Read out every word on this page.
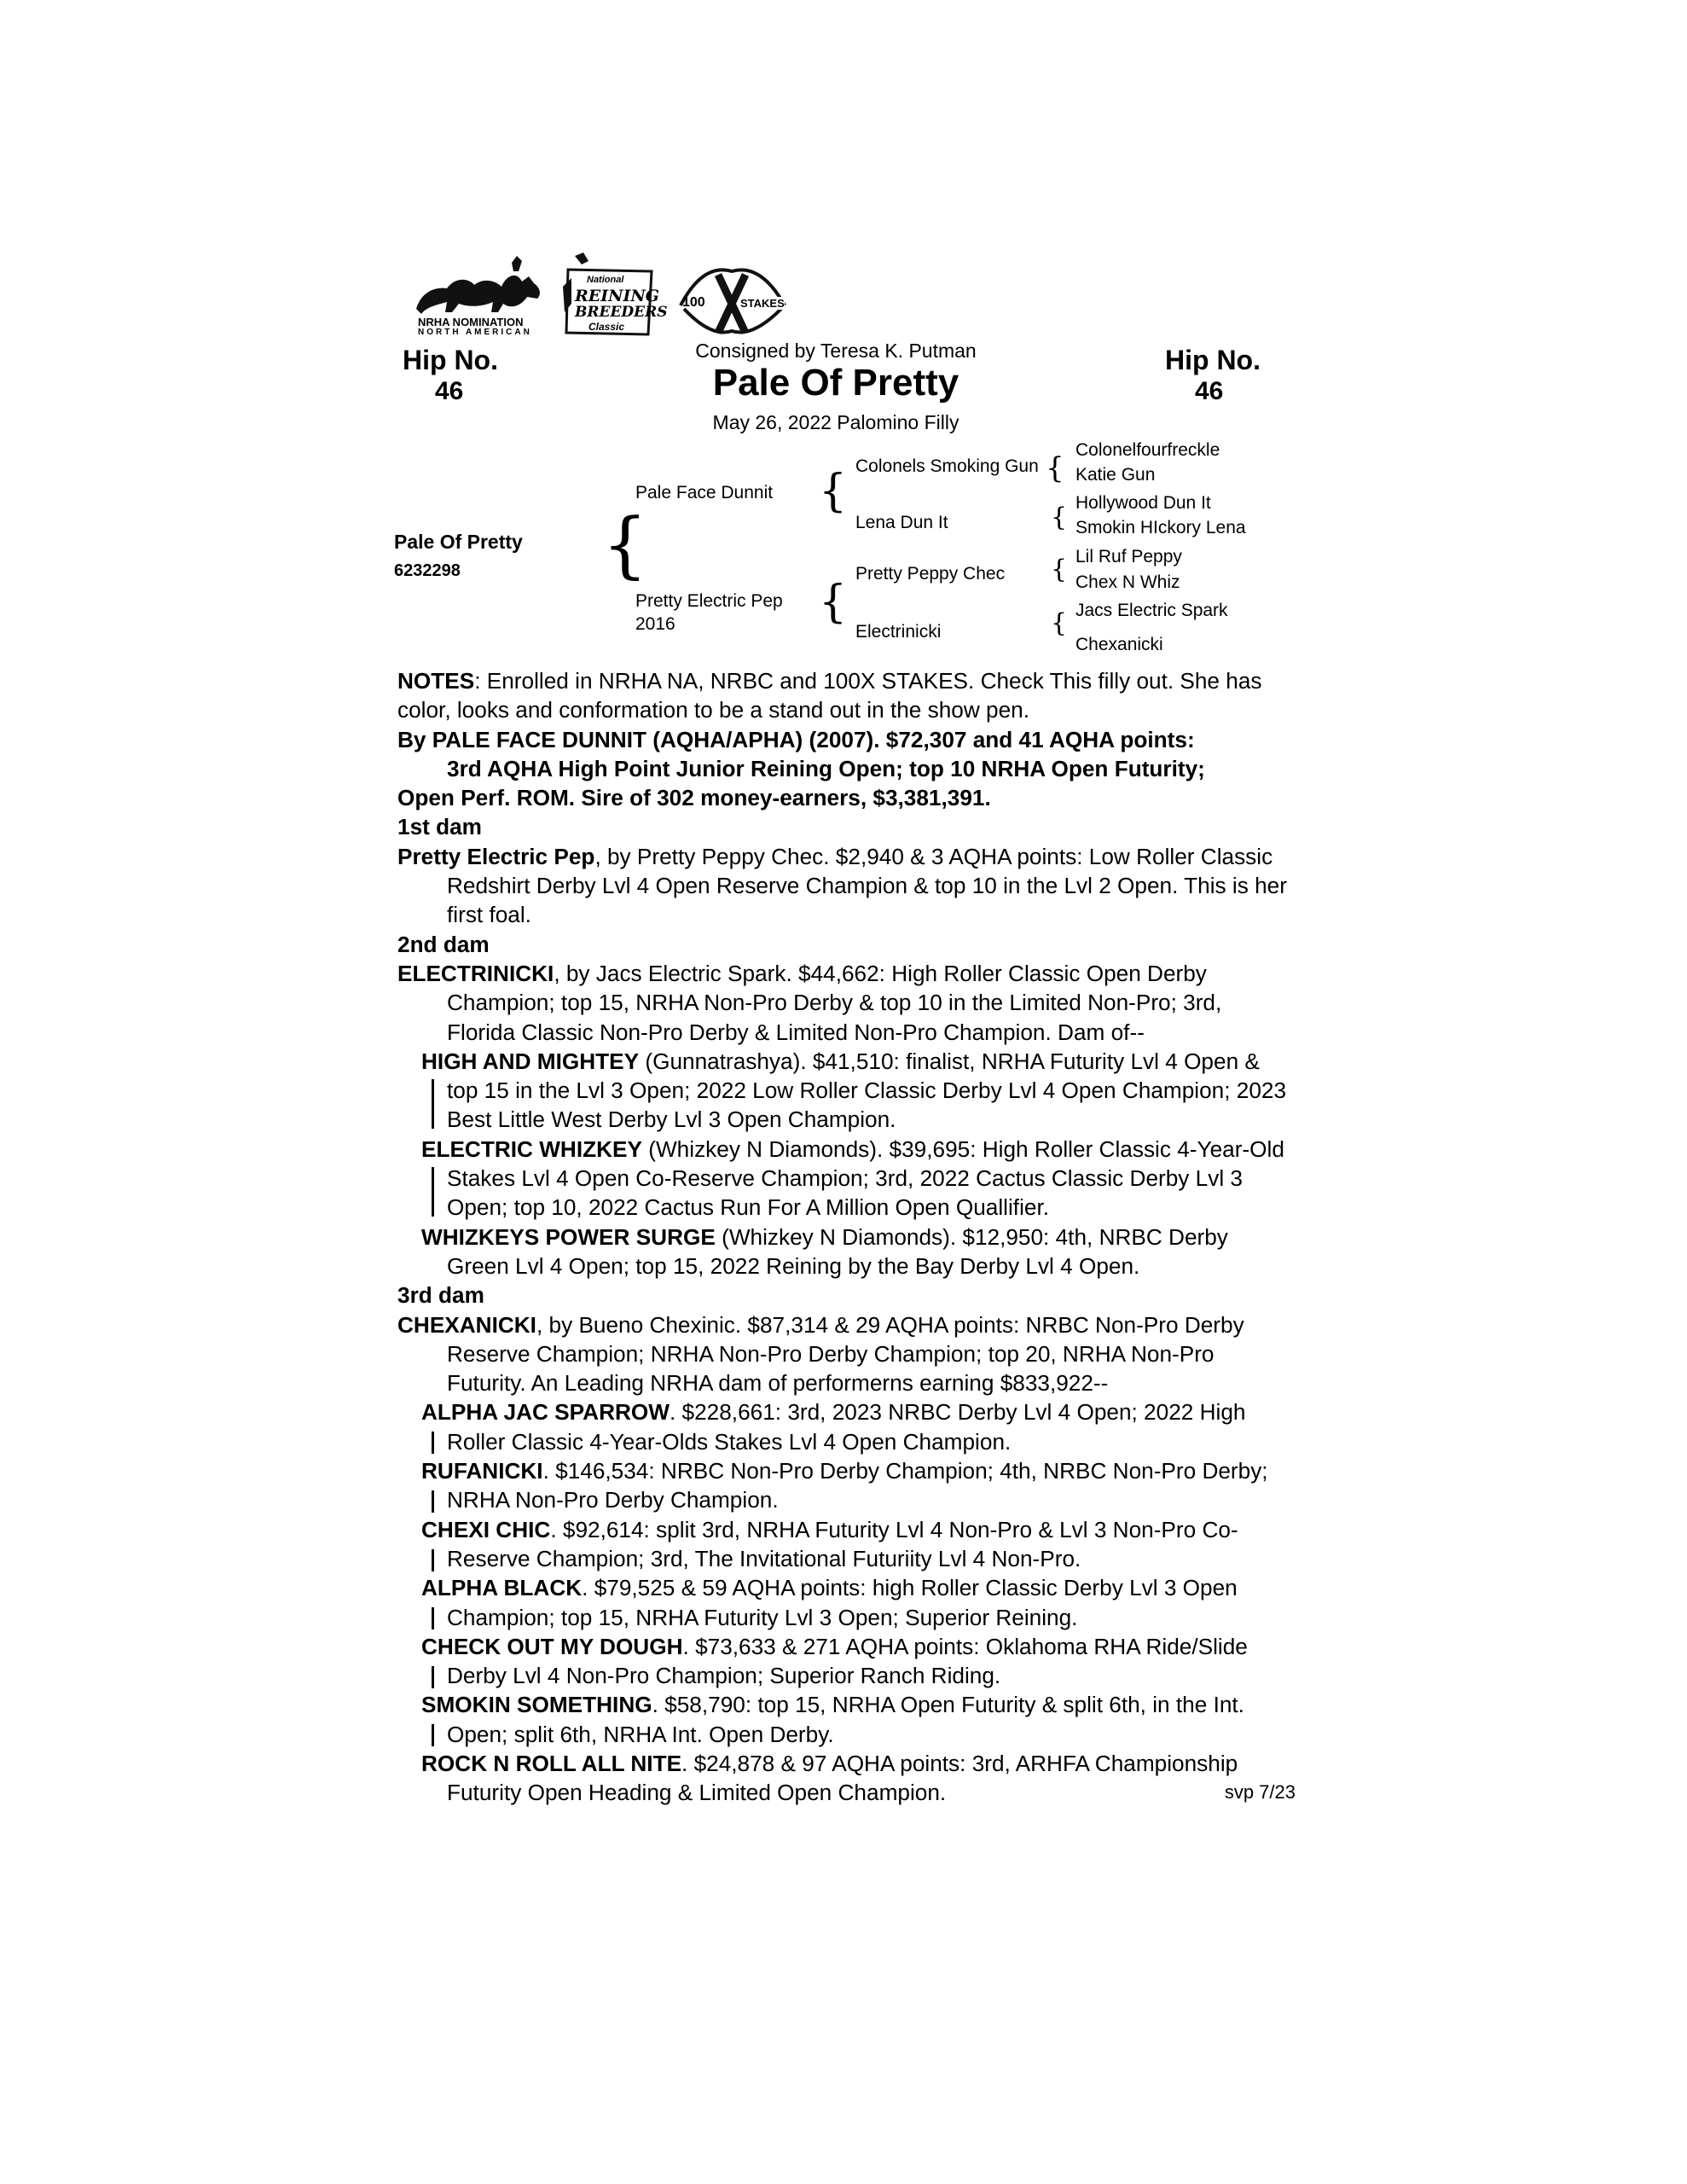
NRHA NOMINATION
NORTH AMERICAN
National
REINING
BREEDERS
Classic
100	STAKES
Hip No.
46
Hip No.
46
Consigned by Teresa K. Putman
Pale Of Pretty
May 26, 2022 Palomino Filly
Pale Of Pretty
6232298 {
Pale Face Dunnit
Pretty Electric Pep
2016
{
{
Colonels Smoking Gun
Lena Dun It
Pretty Peppy Chec
Electrinicki
{
{
{
{
Colonelfourfreckle
Katie Gun
Hollywood Dun It
Smokin HIckory Lena
Lil Ruf Peppy
Chex N Whiz
Jacs Electric Spark
Chexanicki

NOTES: Enrolled in NRHA NA, NRBC and 100X STAKES. Check This filly out. She has color, looks and conformation to be a stand out in the show pen.

By PALE FACE DUNNIT (AQHA/APHA) (2007). $72,307 and 41 AQHA points:

3rd AQHA High Point Junior Reining Open; top 10 NRHA Open Futurity;

Open Perf. ROM. Sire of 302 money-earners, $3,381,391.

1st dam

Pretty Electric Pep, by Pretty Peppy Chec. $2,940 & 3 AQHA points: Low Roller Classic Redshirt Derby Lvl 4 Open Reserve Champion & top 10 in the Lvl 2 Open. This is her first foal.

2nd dam

ELECTRINICKI, by Jacs Electric Spark. $44,662: High Roller Classic Open Derby Champion; top 15, NRHA Non-Pro Derby & top 10 in the Limited Non-Pro; 3rd, Florida Classic Non-Pro Derby & Limited Non-Pro Champion. Dam of--

HIGH AND MIGHTEY (Gunnatrashya). $41,510: finalist, NRHA Futurity Lvl 4 Open & top 15 in the Lvl 3 Open; 2022 Low Roller Classic Derby Lvl 4 Open Champion; 2023 Best Little West Derby Lvl 3 Open Champion.

ELECTRIC WHIZKEY (Whizkey N Diamonds). $39,695: High Roller Classic 4-Year-Old Stakes Lvl 4 Open Co-Reserve Champion; 3rd, 2022 Cactus Classic Derby Lvl 3 Open; top 10, 2022 Cactus Run For A Million Open Quallifier.

WHIZKEYS POWER SURGE (Whizkey N Diamonds). $12,950: 4th, NRBC Derby Green Lvl 4 Open; top 15, 2022 Reining by the Bay Derby Lvl 4 Open.

3rd dam

CHEXANICKI, by Bueno Chexinic. $87,314 & 29 AQHA points: NRBC Non-Pro Derby Reserve Champion; NRHA Non-Pro Derby Champion; top 20, NRHA Non-Pro Futurity. An Leading NRHA dam of performerns earning $833,922--

ALPHA JAC SPARROW. $228,661: 3rd, 2023 NRBC Derby Lvl 4 Open; 2022 High Roller Classic 4-Year-Olds Stakes Lvl 4 Open Champion.

RUFANICKI. $146,534: NRBC Non-Pro Derby Champion; 4th, NRBC Non-Pro Derby; NRHA Non-Pro Derby Champion.

CHEXI CHIC. $92,614: split 3rd, NRHA Futurity Lvl 4 Non-Pro & Lvl 3 Non-Pro Co-Reserve Champion; 3rd, The Invitational Futuriity Lvl 4 Non-Pro.

ALPHA BLACK. $79,525 & 59 AQHA points: high Roller Classic Derby Lvl 3 Open Champion; top 15, NRHA Futurity Lvl 3 Open; Superior Reining.

CHECK OUT MY DOUGH. $73,633 & 271 AQHA points: Oklahoma RHA Ride/Slide Derby Lvl 4 Non-Pro Champion; Superior Ranch Riding.

SMOKIN SOMETHING. $58,790: top 15, NRHA Open Futurity & split 6th, in the Int. Open; split 6th, NRHA Int. Open Derby.

ROCK N ROLL ALL NITE. $24,878 & 97 AQHA points: 3rd, ARHFA Championship Futurity Open Heading & Limited Open Champion.	svp 7/23
